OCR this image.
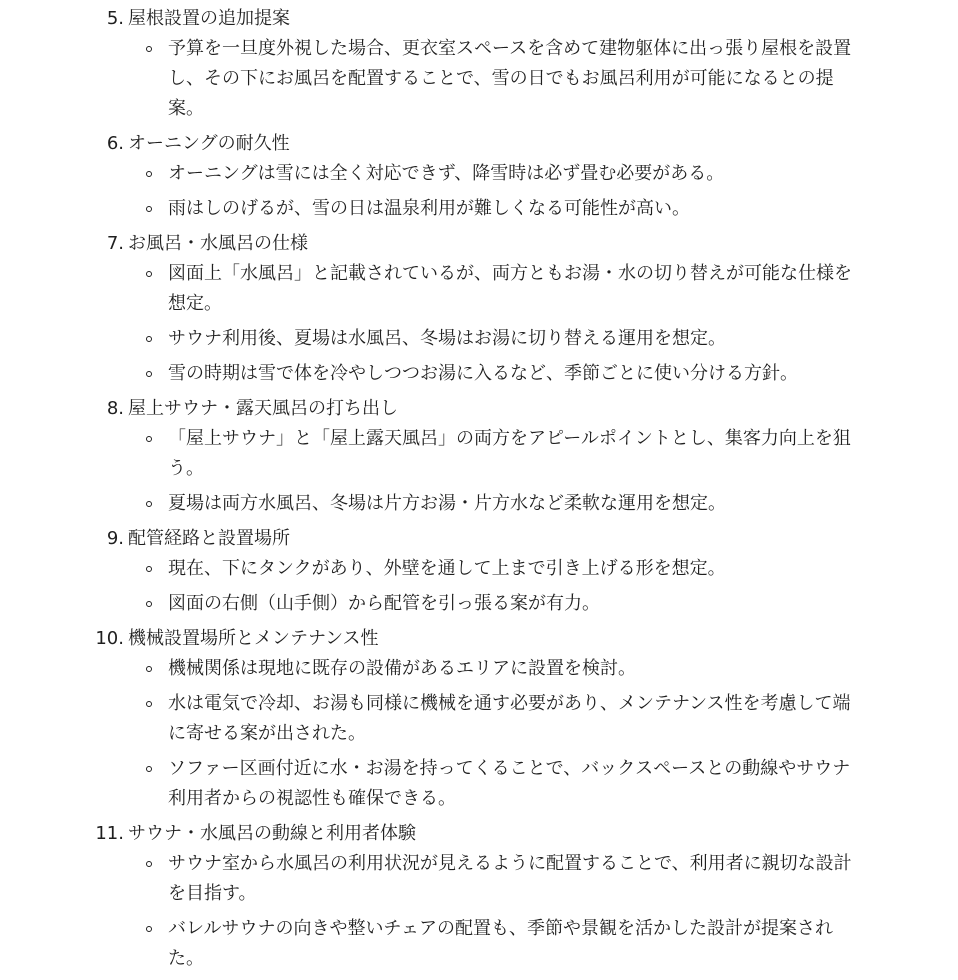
5. 屋根設置の追加提案
予算を一旦度外視した場合、更衣室スペースを含めて建物躯体に出っ張り屋根を設置し、その下にお風呂を配置することで、雪の日でもお風呂利用が可能になるとの提案。
6. オーニングの耐久性
オーニングは雪には全く対応できず、降雪時は必ず畳む必要がある。
雨はしのげるが、雪の日は温泉利用が難しくなる可能性が高い。
7. お風呂・水風呂の仕様
図面上「水風呂」と記載されているが、両方ともお湯・水の切り替えが可能な仕様を想定。
サウナ利用後、夏場は水風呂、冬場はお湯に切り替える運用を想定。
雪の時期は雪で体を冷やしつつお湯に入るなど、季節ごとに使い分ける方針。
8. 屋上サウナ・露天風呂の打ち出し
「屋上サウナ」と「屋上露天風呂」の両方をアピールポイントとし、集客力向上を狙う。
夏場は両方水風呂、冬場は片方お湯・片方水など柔軟な運用を想定。
9. 配管経路と設置場所
現在、下にタンクがあり、外壁を通して上まで引き上げる形を想定。
図面の右側（山手側）から配管を引っ張る案が有力。
10. 機械設置場所とメンテナンス性
機械関係は現地に既存の設備があるエリアに設置を検討。
水は電気で冷却、お湯も同様に機械を通す必要があり、メンテナンス性を考慮して端に寄せる案が出された。
ソファー区画付近に水・お湯を持ってくることで、バックスペースとの動線やサウナ利用者からの視認性も確保できる。
11. サウナ・水風呂の動線と利用者体験
サウナ室から水風呂の利用状況が見えるように配置することで、利用者に親切な設計を目指す。
バレルサウナの向きや整いチェアの配置も、季節や景観を活かした設計が提案された。
